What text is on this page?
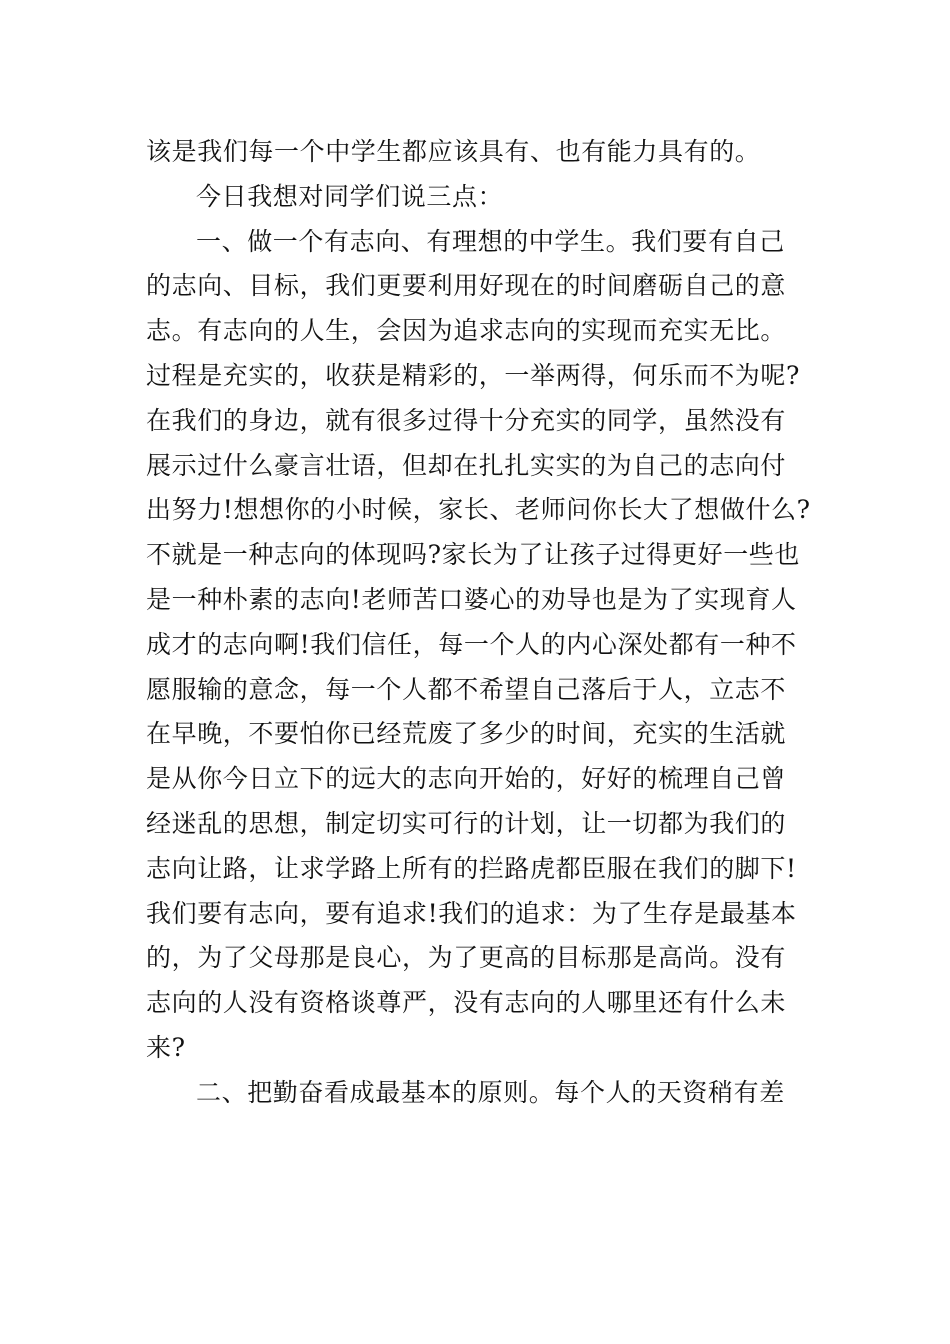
该是我们每一个中学生都应该具有、也有能力具有的。
今日我想对同学们说三点：
一、做一个有志向、有理想的中学生。我们要有自己
的志向、目标，我们更要利用好现在的时间磨砺自己的意
志。有志向的人生，会因为追求志向的实现而充实无比。
过程是充实的，收获是精彩的，一举两得，何乐而不为呢?
在我们的身边，就有很多过得十分充实的同学，虽然没有
展示过什么豪言壮语，但却在扎扎实实的为自己的志向付
出努力!想想你的小时候，家长、老师问你长大了想做什么?
不就是一种志向的体现吗?家长为了让孩子过得更好一些也
是一种朴素的志向!老师苦口婆心的劝导也是为了实现育人
成才的志向啊!我们信任，每一个人的内心深处都有一种不
愿服输的意念，每一个人都不希望自己落后于人，立志不
在早晚，不要怕你已经荒废了多少的时间，充实的生活就
是从你今日立下的远大的志向开始的，好好的梳理自己曾
经迷乱的思想，制定切实可行的计划，让一切都为我们的
志向让路，让求学路上所有的拦路虎都臣服在我们的脚下!
我们要有志向，要有追求!我们的追求：为了生存是最基本
的，为了父母那是良心，为了更高的目标那是高尚。没有
志向的人没有资格谈尊严，没有志向的人哪里还有什么未
来?
二、把勤奋看成最基本的原则。每个人的天资稍有差
